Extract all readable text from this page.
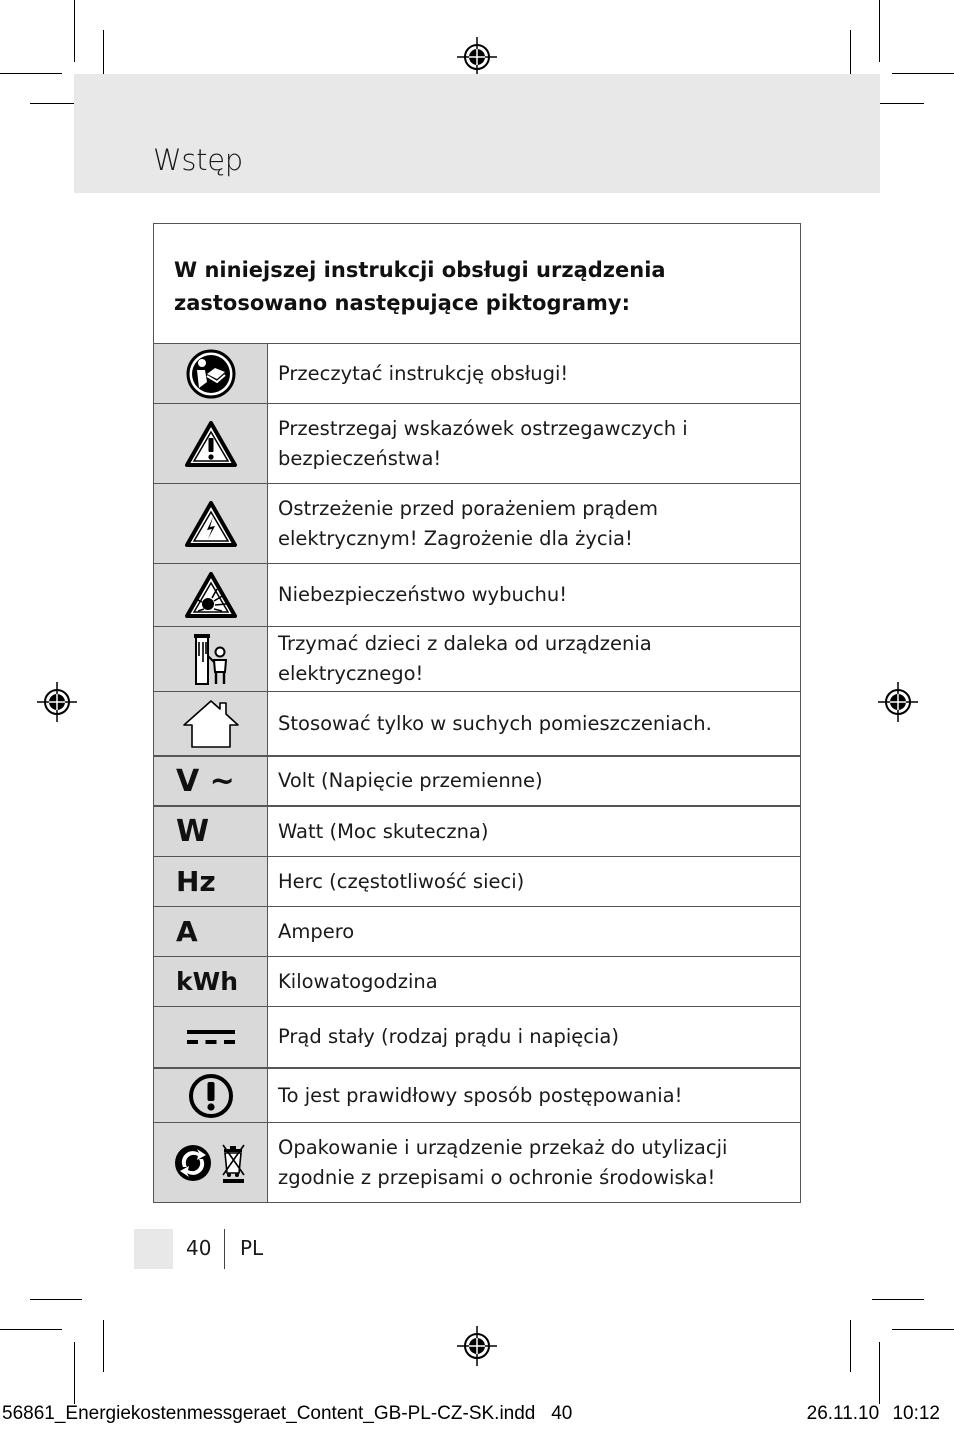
Wstęp
W niniejszej instrukcji obsługi urządzenia zastosowano następujące piktogramy:
Przeczytać instrukcję obsługi!
Przestrzegaj wskazówek ostrzegawczych i bezpieczeństwa!
Ostrzeżenie przed porażeniem prądem elektrycznym! Zagrożenie dla życia!
Niebezpieczeństwo wybuchu!
Trzymać dzieci z daleka od urządzenia elektrycznego!
Stosować tylko w suchych pomieszczeniach.
V ~	Volt (Napięcie przemienne)
W	Watt (Moc skuteczna)
Hz	Herc (częstotliwość sieci)
A	Ampero
kWh	Kilowatogodzina
Prąd stały (rodzaj prądu i napięcia)
To jest prawidłowy sposób postępowania!
Opakowanie i urządzenie przekaż do utylizacji zgodnie z przepisami o ochronie środowiska!
40 PL
56861_Energiekostenmessgeraet_Content_GB-PL-CZ-SK.indd 40	26.11.10 10:12
